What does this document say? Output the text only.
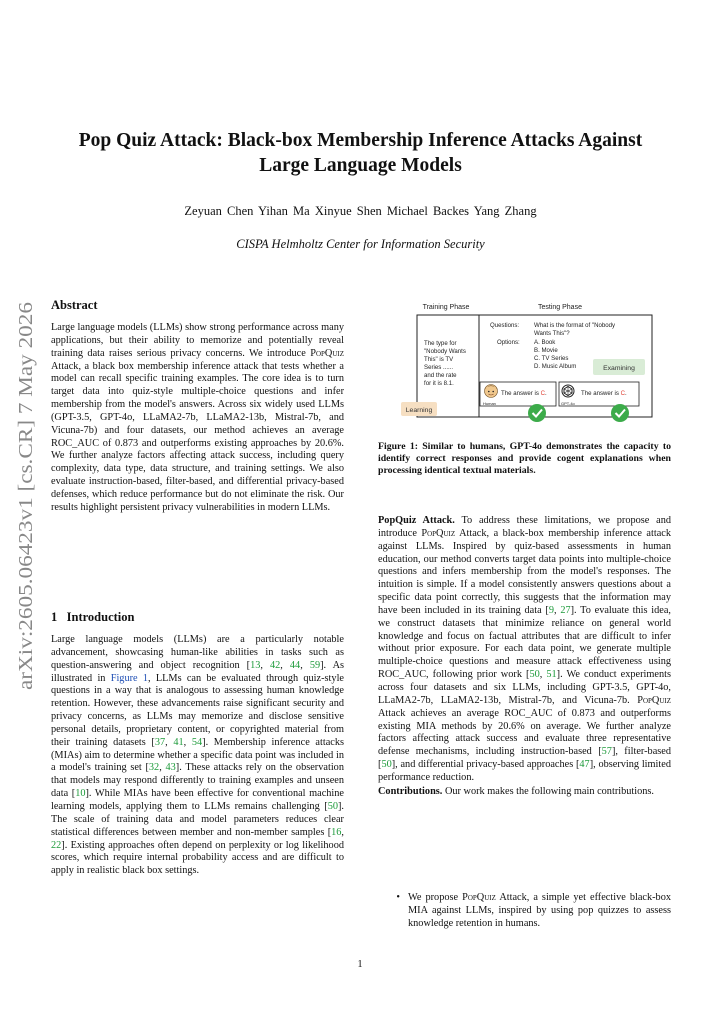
arXiv:2605.06423v1 [cs.CR] 7 May 2026
Pop Quiz Attack: Black-box Membership Inference Attacks Against
Large Language Models
Zeyuan Chen Yihan Ma Xinyue Shen Michael Backes Yang Zhang
CISPA Helmholtz Center for Information Security
Abstract

Large language models (LLMs) show strong performance across many applications, but their ability to memorize and potentially reveal training data raises serious privacy concerns. We introduce PopQuiz Attack, a black box membership inference attack that tests whether a model can recall specific training examples. The core idea is to turn target data into quiz-style multiple-choice questions and infer membership from the model's answers. Across six widely used LLMs (GPT-3.5, GPT-4o, LLaMA2-7b, LLaMA2-13b, Mistral-7b, and Vicuna-7b) and four datasets, our method achieves an average ROC_AUC of 0.873 and outperforms existing approaches by 20.6%. We further analyze factors affecting attack success, including query complexity, data type, data structure, and training settings. We also evaluate instruction-based, filter-based, and differential privacy-based defenses, which reduce performance but do not eliminate the risk. Our results highlight persistent privacy vulnerabilities in modern LLMs.

1   Introduction

Large language models (LLMs) are a particularly notable advancement, showcasing human-like abilities in tasks such as question-answering and object recognition [13, 42, 44, 59]. As illustrated in Figure 1, LLMs can be evaluated through quiz-style questions in a way that is analogous to assessing human knowledge retention. However, these advancements raise significant security and privacy concerns, as LLMs may memorize and disclose sensitive personal details, proprietary content, or copyrighted material from their training datasets [37, 41, 54]. Membership inference attacks (MIAs) aim to determine whether a specific data point was included in a model's training set [32, 43]. These attacks rely on the observation that models may respond differently to training examples and unseen data [10]. While MIAs have been effective for conventional machine learning models, applying them to LLMs remains challenging [50]. The scale of training data and model parameters reduces clear statistical differences between member and non-member samples [16, 22]. Existing approaches often depend on perplexity or log likelihood scores, which require internal probability access and are difficult to apply in realistic black box settings.

Training Phase	Testing Phase
The type for
"Nobody Wants
This" is TV
Series ......
and the rate
for it is 8.1.
Learning
Questions: What is the format of "Nobody
Wants This"?
Options: A. Book
B. Movie
C. TV Series
D. Music Album	Examining
Human
The answer is C.
GPT-4o
The answer is C.
Figure 1: Similar to humans, GPT-4o demonstrates the capacity to identify correct responses and provide cogent explanations when processing identical textual materials.

PopQuiz Attack. To address these limitations, we propose and introduce PopQuiz Attack, a black-box membership inference attack against LLMs. Inspired by quiz-based assessments in human education, our method converts target data points into multiple-choice questions and infers membership from the model's responses. The intuition is simple. If a model consistently answers questions about a specific data point correctly, this suggests that the information may have been included in its training data [9, 27]. To evaluate this idea, we construct datasets that minimize reliance on general world knowledge and focus on factual attributes that are difficult to infer without prior exposure. For each data point, we generate multiple multiple-choice questions and measure attack effectiveness using ROC_AUC, following prior work [50, 51]. We conduct experiments across four datasets and six LLMs, including GPT-3.5, GPT-4o, LLaMA2-7b, LLaMA2-13b, Mistral-7b, and Vicuna-7b. PopQuiz Attack achieves an average ROC_AUC of 0.873 and outperforms existing MIA methods by 20.6% on average. We further analyze factors affecting attack success and evaluate three representative defense mechanisms, including instruction-based [57], filter-based [50], and differential privacy-based approaches [47], observing limited performance reduction.

Contributions. Our work makes the following main contributions.

• We propose PopQuiz Attack, a simple yet effective black-box MIA against LLMs, inspired by using pop quizzes to assess knowledge retention in humans.
1
